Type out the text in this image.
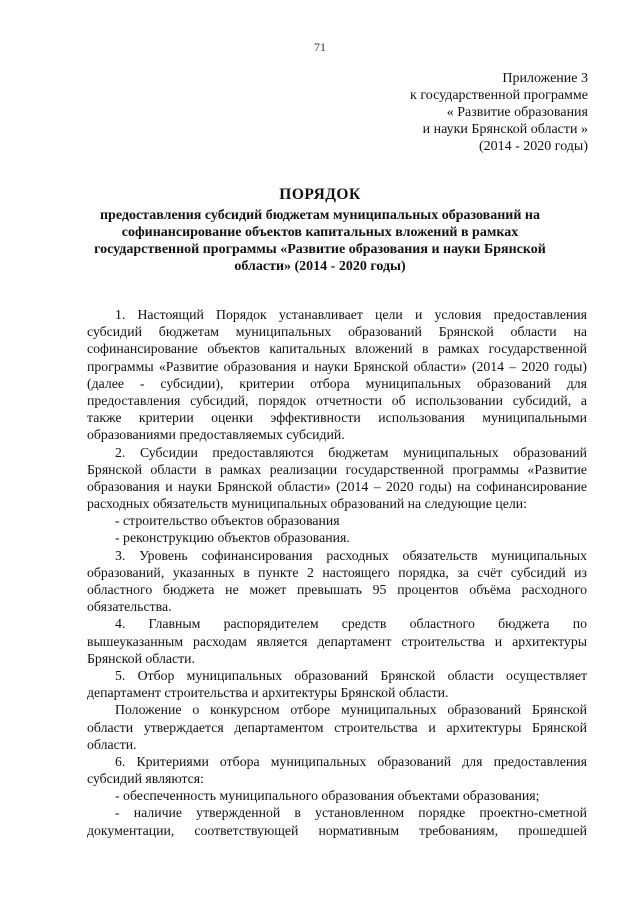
71
Приложение 3
к государственной программе
« Развитие образования
и науки Брянской области »
(2014 - 2020 годы)
ПОРЯДОК
предоставления субсидий бюджетам муниципальных образований на
софинансирование объектов капитальных вложений в рамках
государственной программы «Развитие образования и науки Брянской
области» (2014 - 2020 годы)
1. Настоящий Порядок устанавливает цели и условия предоставления
субсидий бюджетам муниципальных образований Брянской области на
софинансирование объектов капитальных вложений в рамках государственной
программы «Развитие образования и науки Брянской области» (2014 – 2020 годы)
(далее - субсидии), критерии отбора муниципальных образований для
предоставления субсидий, порядок отчетности об использовании субсидий, а
также критерии оценки эффективности использования муниципальными
образованиями предоставляемых субсидий.
2. Субсидии предоставляются бюджетам муниципальных образований
Брянской области в рамках реализации государственной программы «Развитие
образования и науки Брянской области» (2014 – 2020 годы) на софинансирование
расходных обязательств муниципальных образований на следующие цели:
- строительство объектов образования
- реконструкцию объектов образования.
3. Уровень софинансирования расходных обязательств муниципальных
образований, указанных в пункте 2 настоящего порядка, за счёт субсидий из
областного бюджета не может превышать 95 процентов объёма расходного
обязательства.
4. Главным распорядителем средств областного бюджета по
вышеуказанным расходам является департамент строительства и архитектуры
Брянской области.
5. Отбор муниципальных образований Брянской области осуществляет
департамент строительства и архитектуры Брянской области.
Положение о конкурсном отборе муниципальных образований Брянской
области утверждается департаментом строительства и архитектуры Брянской
области.
6. Критериями отбора муниципальных образований для предоставления
субсидий являются:
- обеспеченность муниципального образования объектами образования;
- наличие утвержденной в установленном порядке проектно-сметной
документации, соответствующей нормативным требованиям, прошедшей
